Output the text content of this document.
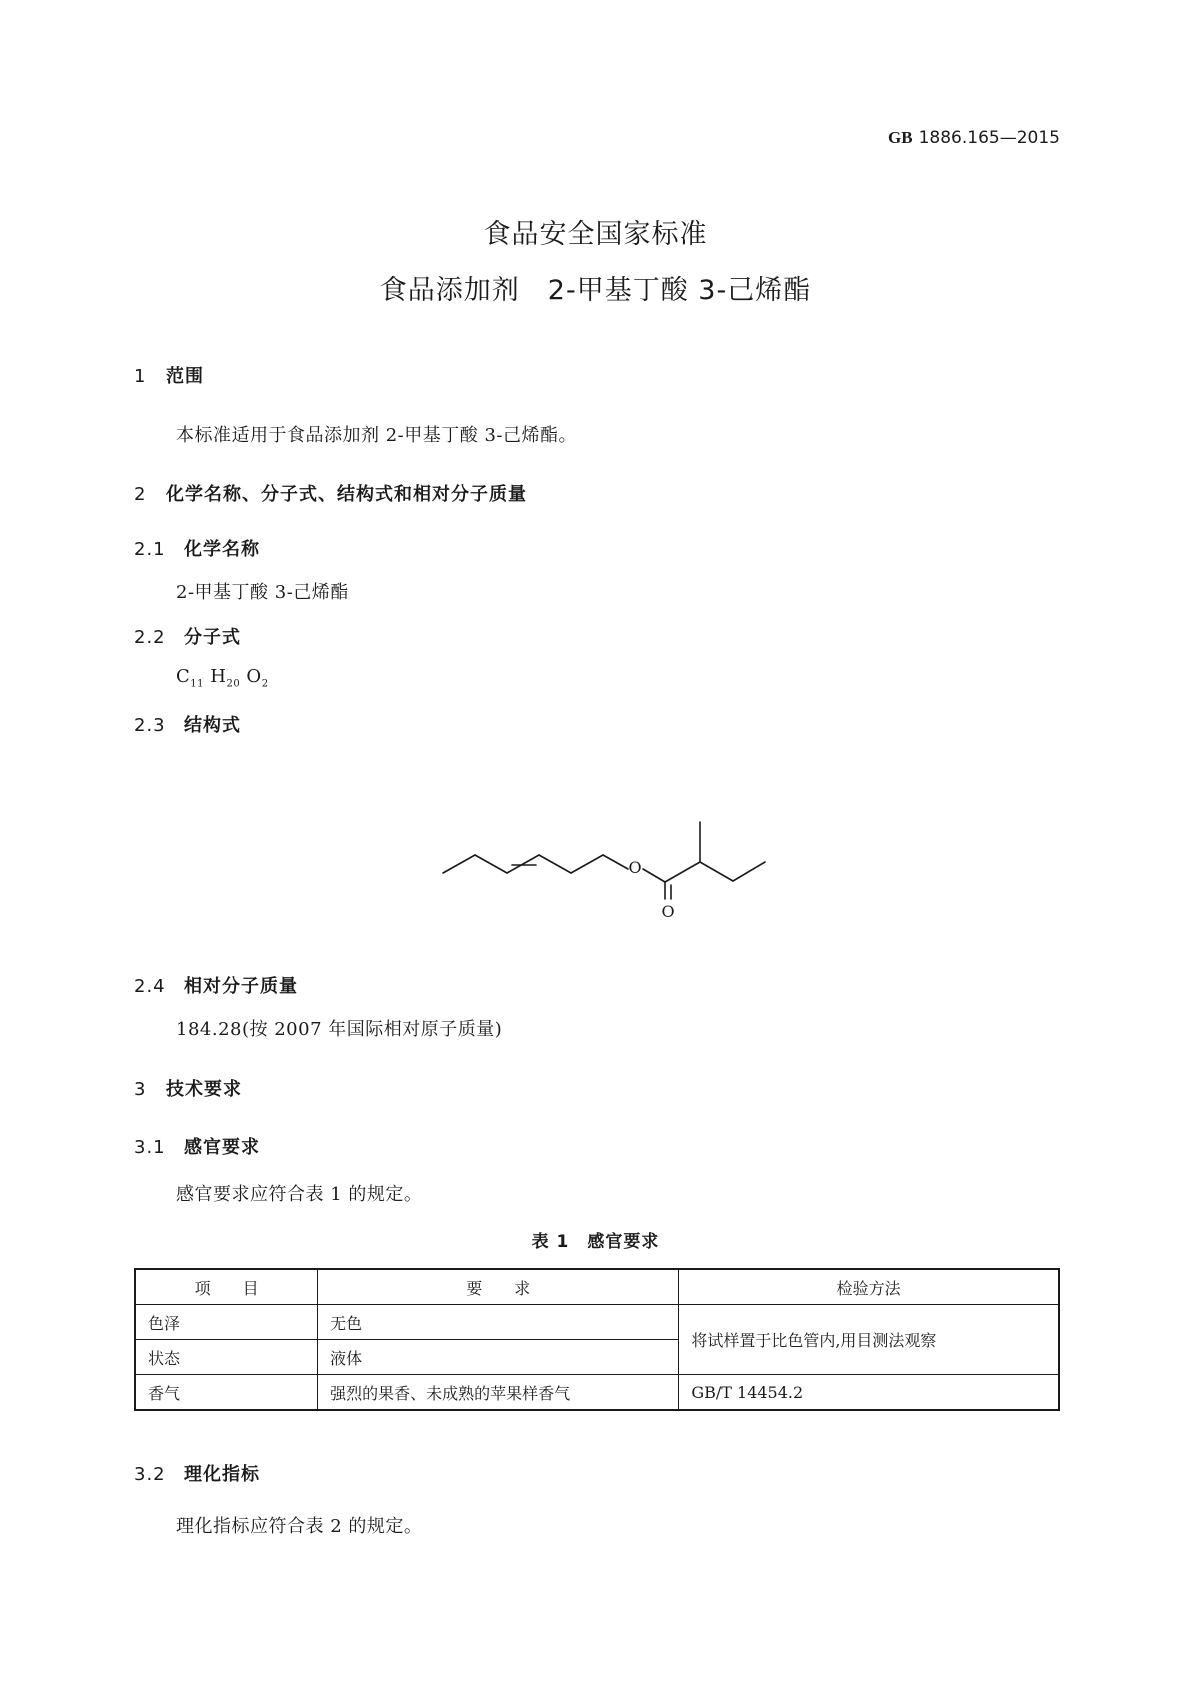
GB 1886.165—2015
食品安全国家标准
食品添加剂　2-甲基丁酸 3-己烯酯
1 范围
本标准适用于食品添加剂 2-甲基丁酸 3-己烯酯。
2 化学名称、分子式、结构式和相对分子质量
2.1 化学名称
2-甲基丁酸 3-己烯酯
2.2 分子式
$C_{11}$ $H_{20}$ $O_2$
2.3 结构式
O
O
2.4 相对分子质量
184.28(按 2007 年国际相对原子质量)
3 技术要求
3.1 感官要求
感官要求应符合表 1 的规定。
表 1　感官要求
项　　目	要　　求	检验方法
色泽	无色	将试样置于比色管内,用目测法观察
状态	液体	
香气	强烈的果香、未成熟的苹果样香气	GB/T 14454.2
3.2 理化指标
理化指标应符合表 2 的规定。
